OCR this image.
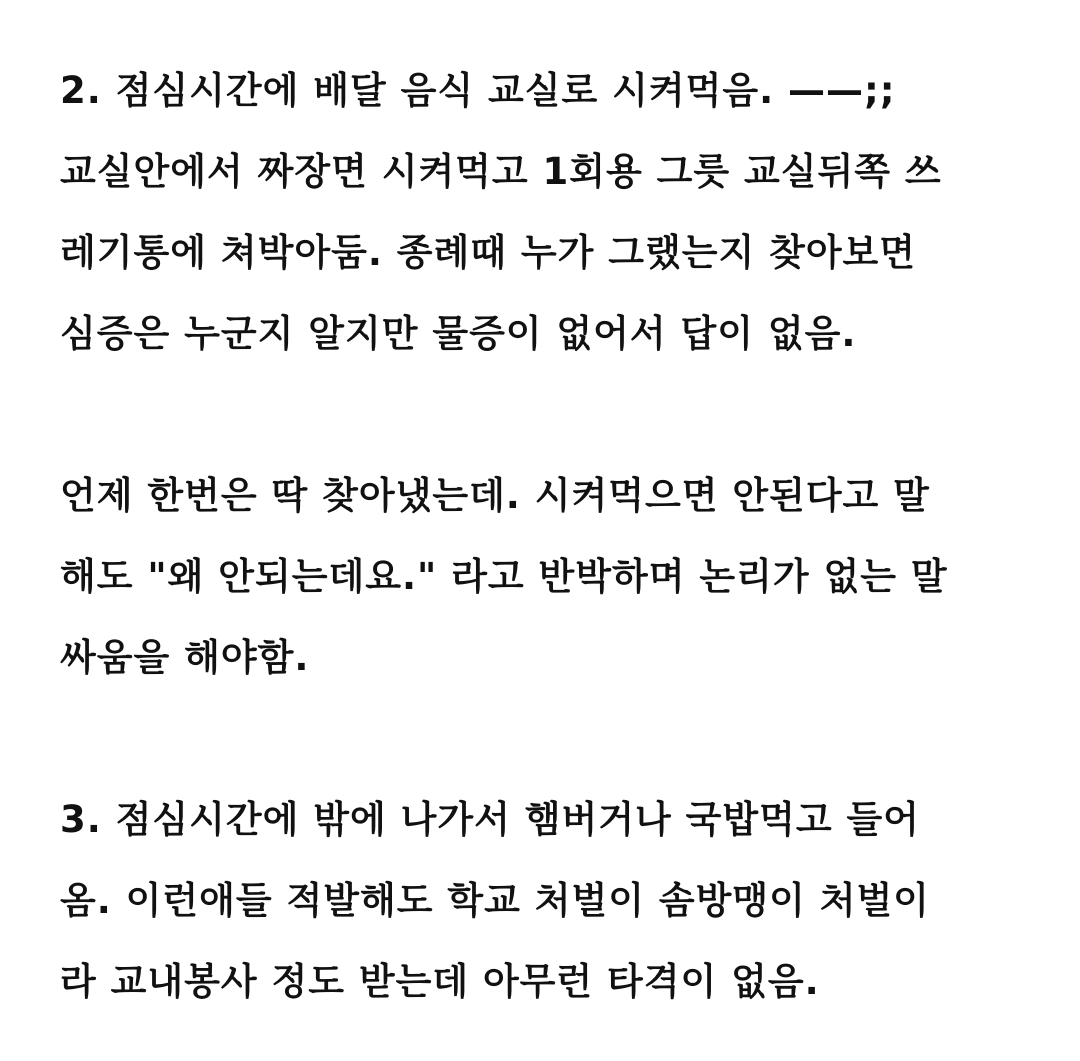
2. 점심시간에 배달 음식 교실로 시켜먹음. ——;;
교실안에서 짜장면 시켜먹고 1회용 그릇 교실뒤쪽 쓰
레기통에 쳐박아둠. 종례때 누가 그랬는지 찾아보면
심증은 누군지 알지만 물증이 없어서 답이 없음.
언제 한번은 딱 찾아냈는데. 시켜먹으면 안된다고 말
해도 "왜 안되는데요." 라고 반박하며 논리가 없는 말
싸움을 해야함.
3. 점심시간에 밖에 나가서 햄버거나 국밥먹고 들어
옴. 이런애들 적발해도 학교 처벌이 솜방맹이 처벌이
라 교내봉사 정도 받는데 아무런 타격이 없음.
